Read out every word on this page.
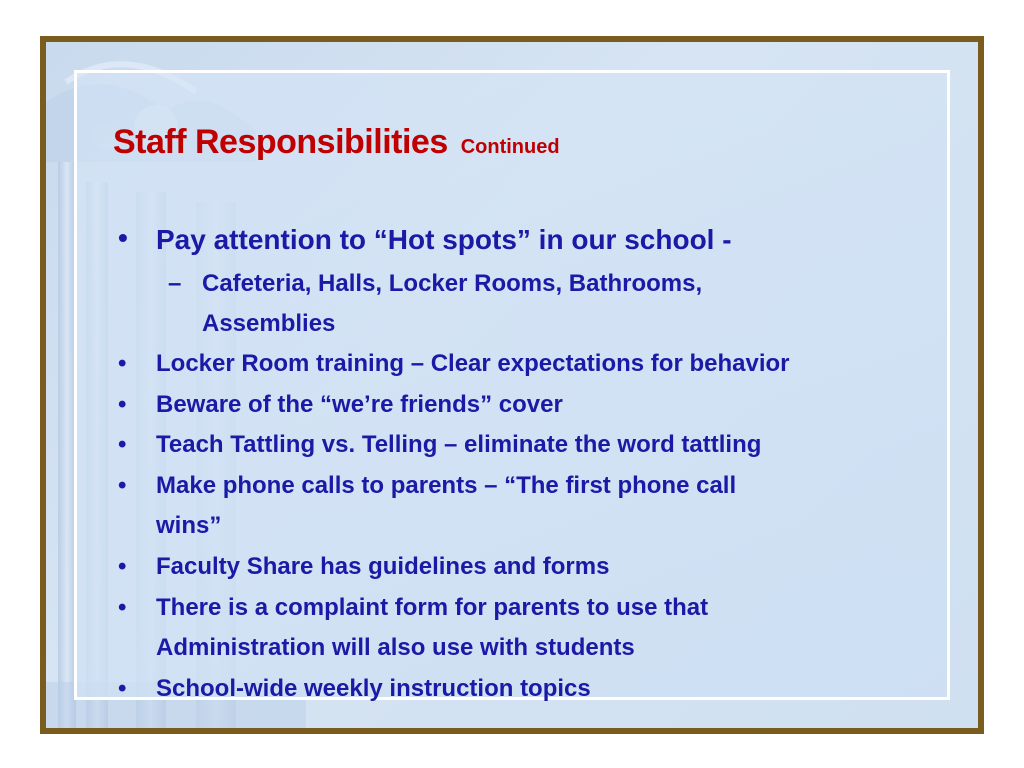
Staff Responsibilities Continued
• Pay attention to “Hot spots” in our school -
– Cafeteria, Halls, Locker Rooms, Bathrooms,
Assemblies
• Locker Room training – Clear expectations for behavior
• Beware of the “we’re friends” cover
• Teach Tattling vs. Telling – eliminate the word tattling
• Make phone calls to parents – “The first phone call
wins”
• Faculty Share has guidelines and forms
• There is a complaint form for parents to use that
Administration will also use with students
• School-wide weekly instruction topics
